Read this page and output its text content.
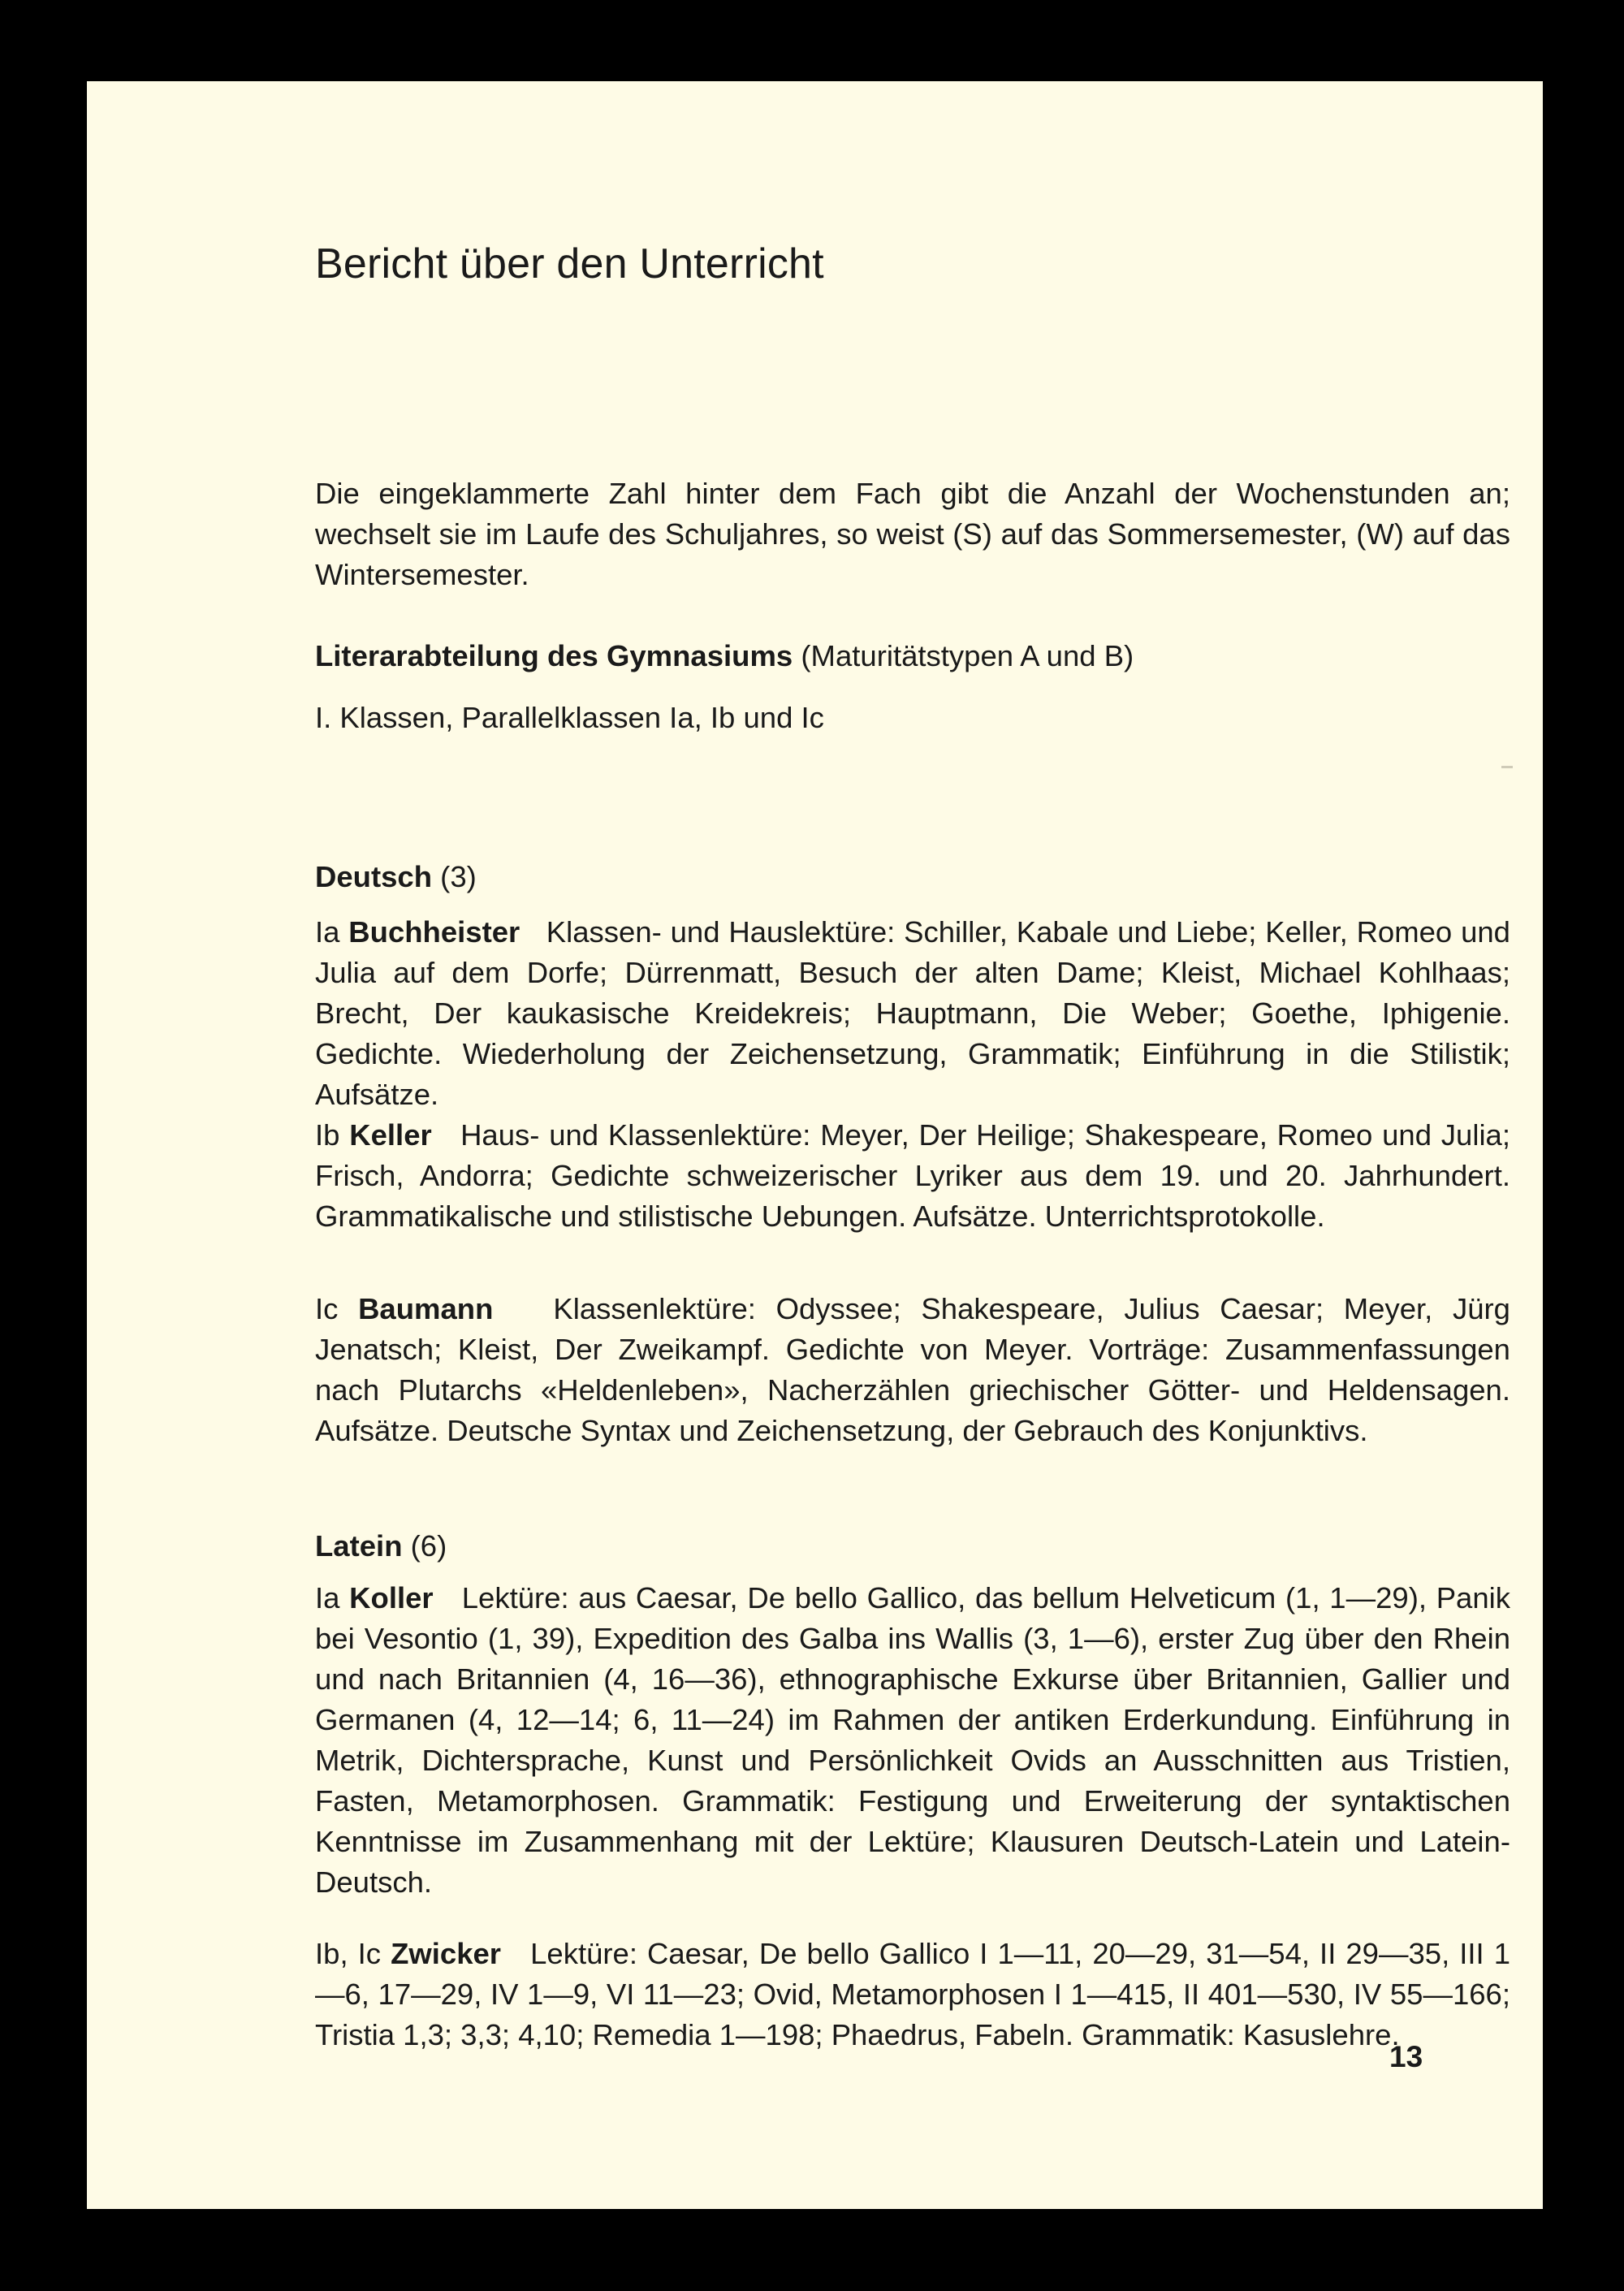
Bericht über den Unterricht

Die eingeklammerte Zahl hinter dem Fach gibt die Anzahl der Wochenstunden an; wechselt sie im Laufe des Schuljahres, so weist (S) auf das Sommersemester, (W) auf das Wintersemester.

Literarabteilung des Gymnasiums (Maturitätstypen A und B)
I. Klassen, Parallelklassen Ia, Ib und Ic
Deutsch (3)

Ia Buchheister Klassen- und Hauslektüre: Schiller, Kabale und Liebe; Keller, Romeo und Julia auf dem Dorfe; Dürrenmatt, Besuch der alten Dame; Kleist, Michael Kohlhaas; Brecht, Der kaukasische Kreidekreis; Hauptmann, Die Weber; Goethe, Iphigenie. Gedichte. Wiederholung der Zeichensetzung, Grammatik; Einführung in die Stilistik; Aufsätze.

Ib Keller Haus- und Klassenlektüre: Meyer, Der Heilige; Shakespeare, Romeo und Julia; Frisch, Andorra; Gedichte schweizerischer Lyriker aus dem 19. und 20. Jahrhundert. Grammatikalische und stilistische Uebungen. Aufsätze. Unterrichtsprotokolle.

Ic Baumann Klassenlektüre: Odyssee; Shakespeare, Julius Caesar; Meyer, Jürg Jenatsch; Kleist, Der Zweikampf. Gedichte von Meyer. Vorträge: Zusammenfassungen nach Plutarchs «Heldenleben», Nacherzählen griechischer Götter- und Heldensagen. Aufsätze. Deutsche Syntax und Zeichensetzung, der Gebrauch des Konjunktivs.

Latein (6)

Ia Koller Lektüre: aus Caesar, De bello Gallico, das bellum Helveticum (1, 1—29), Panik bei Vesontio (1, 39), Expedition des Galba ins Wallis (3, 1—6), erster Zug über den Rhein und nach Britannien (4, 16—36), ethnographische Exkurse über Britannien, Gallier und Germanen (4, 12—14; 6, 11—24) im Rahmen der antiken Erderkundung. Einführung in Metrik, Dichtersprache, Kunst und Persönlichkeit Ovids an Ausschnitten aus Tristien, Fasten, Metamorphosen. Grammatik: Festigung und Erweiterung der syntaktischen Kenntnisse im Zusammenhang mit der Lektüre; Klausuren Deutsch-Latein und Latein-Deutsch.

Ib, Ic Zwicker Lektüre: Caesar, De bello Gallico I 1—11, 20—29, 31—54, II 29—35, III 1—6, 17—29, IV 1—9, VI 11—23; Ovid, Metamorphosen I 1—415, II 401—530, IV 55—166; Tristia 1,3; 3,3; 4,10; Remedia 1—198; Phaedrus, Fabeln. Grammatik: Kasuslehre.

13
